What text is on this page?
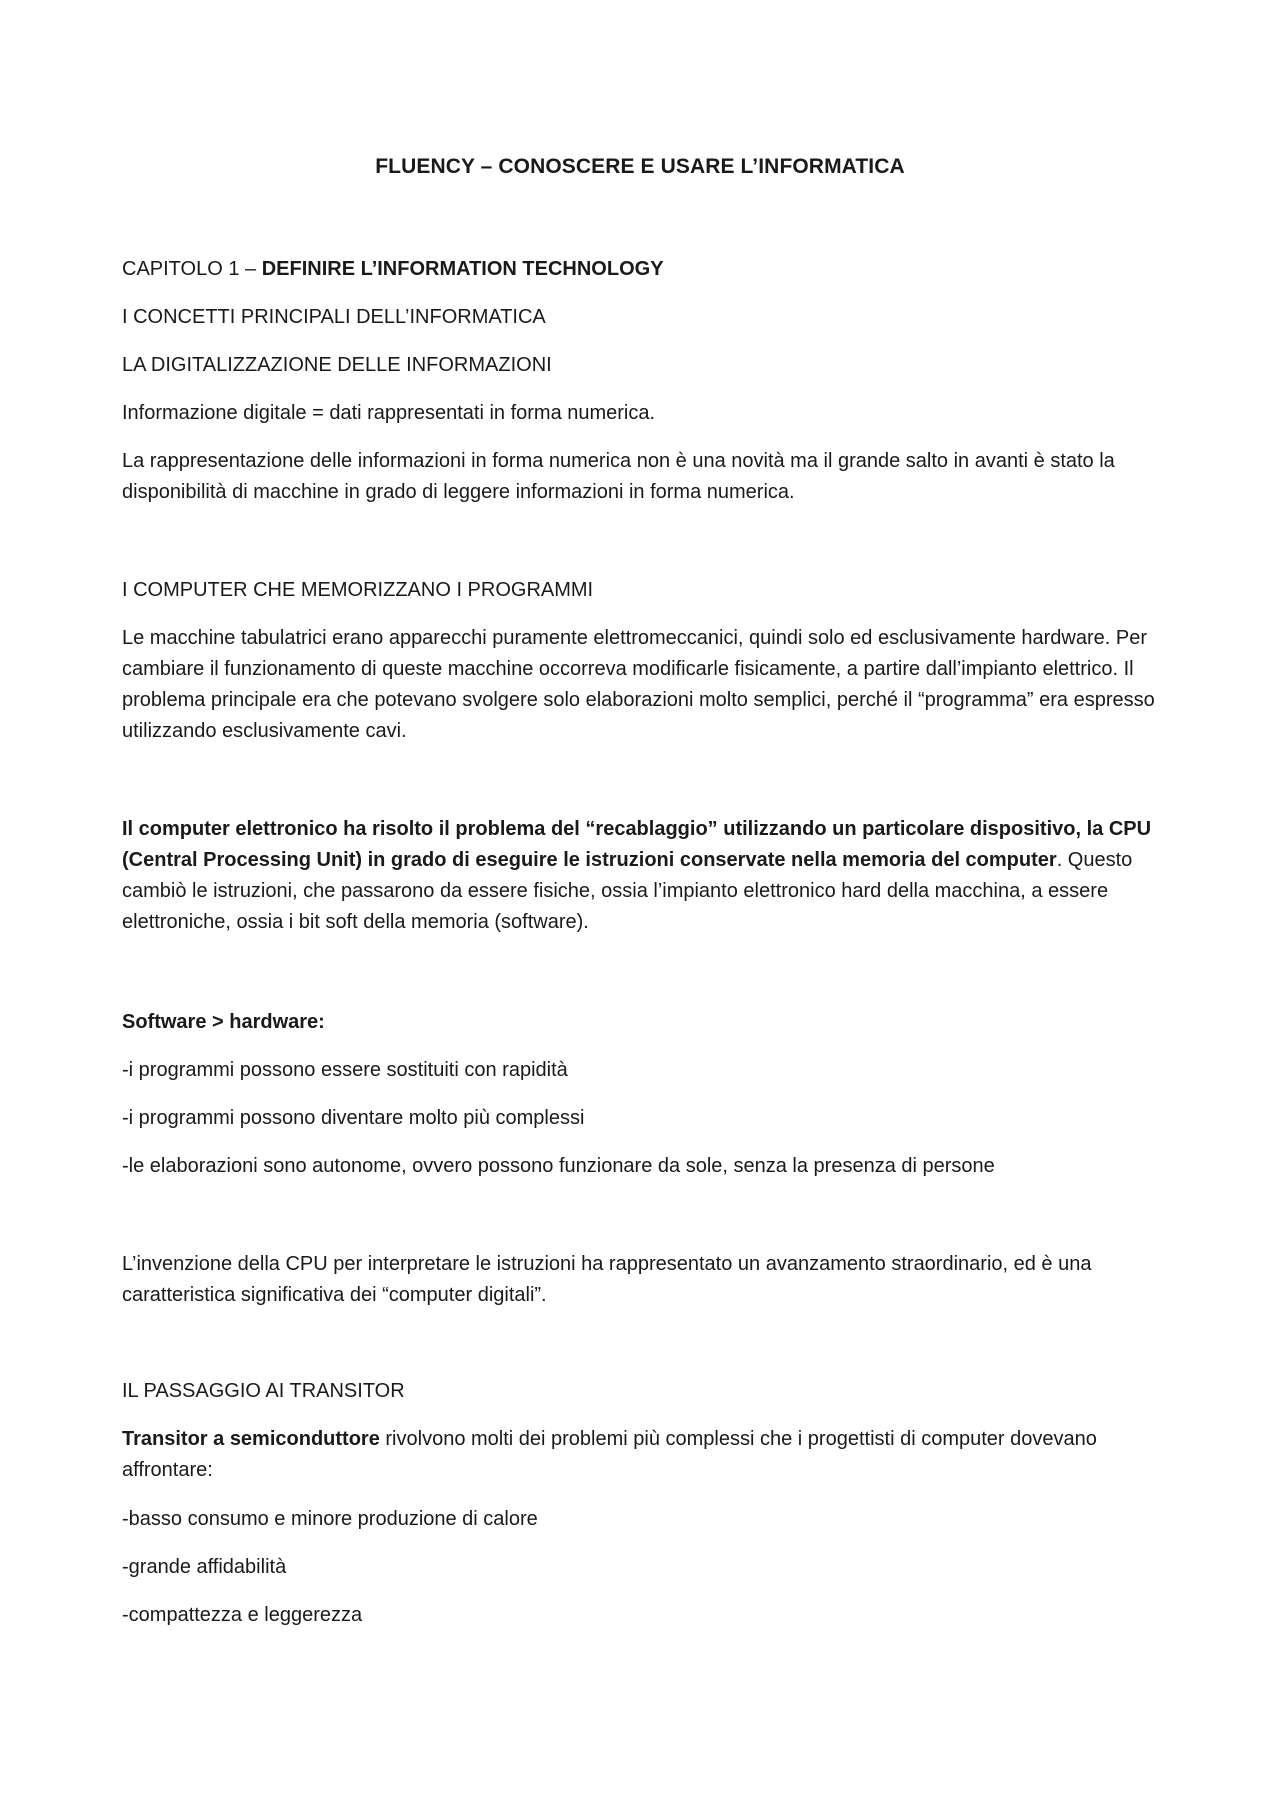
FLUENCY – CONOSCERE E USARE L’INFORMATICA
CAPITOLO 1 – DEFINIRE L’INFORMATION TECHNOLOGY
I CONCETTI PRINCIPALI DELL’INFORMATICA
LA DIGITALIZZAZIONE DELLE INFORMAZIONI
Informazione digitale = dati rappresentati in forma numerica.
La rappresentazione delle informazioni in forma numerica non è una novità ma il grande salto in avanti è stato la disponibilità di macchine in grado di leggere informazioni in forma numerica.
I COMPUTER CHE MEMORIZZANO I PROGRAMMI
Le macchine tabulatrici erano apparecchi puramente elettromeccanici, quindi solo ed esclusivamente hardware. Per cambiare il funzionamento di queste macchine occorreva modificarle fisicamente, a partire dall’impianto elettrico. Il problema principale era che potevano svolgere solo elaborazioni molto semplici, perché il “programma” era espresso utilizzando esclusivamente cavi.
Il computer elettronico ha risolto il problema del “recablaggio” utilizzando un particolare dispositivo, la CPU (Central Processing Unit) in grado di eseguire le istruzioni conservate nella memoria del computer. Questo cambiò le istruzioni, che passarono da essere fisiche, ossia l’impianto elettronico hard della macchina, a essere elettroniche, ossia i bit soft della memoria (software).
Software > hardware:
-i programmi possono essere sostituiti con rapidità
-i programmi possono diventare molto più complessi
-le elaborazioni sono autonome, ovvero possono funzionare da sole, senza la presenza di persone
L’invenzione della CPU per interpretare le istruzioni ha rappresentato un avanzamento straordinario, ed è una caratteristica significativa dei “computer digitali”.
IL PASSAGGIO AI TRANSITOR
Transitor a semiconduttore rivolvono molti dei problemi più complessi che i progettisti di computer dovevano affrontare:
-basso consumo e minore produzione di calore
-grande affidabilità
-compattezza e leggerezza
